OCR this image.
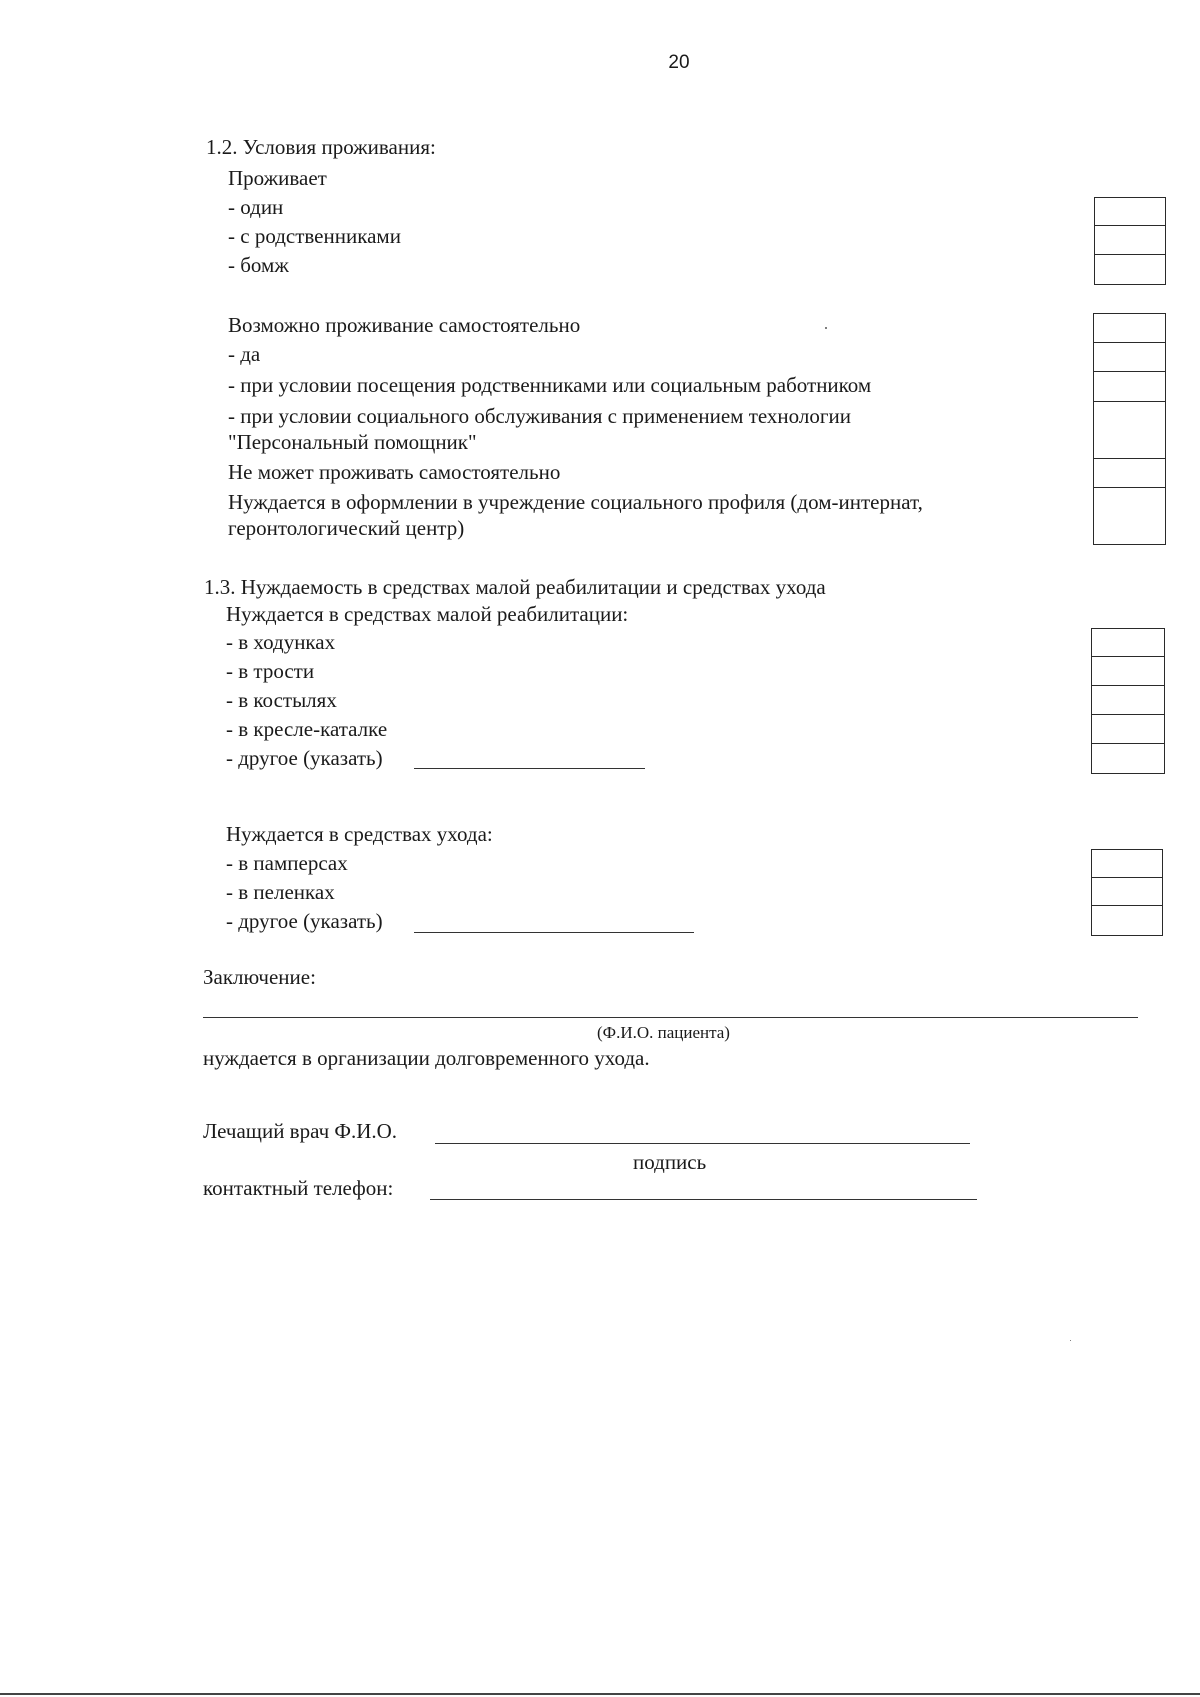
20
1.2. Условия проживания:
Проживает
- один
- с родственниками
- бомж
Возможно проживание самостоятельно
- да
- при условии посещения родственниками или социальным работником
- при условии социального обслуживания с применением технологии
"Персональный помощник"
Не может проживать самостоятельно
Нуждается в оформлении в учреждение социального профиля (дом-интернат,
геронтологический центр)
1.3. Нуждаемость в средствах малой реабилитации и средствах ухода
Нуждается в средствах малой реабилитации:
- в ходунках
- в трости
- в костылях
- в кресле-каталке
- другое (указать)
Нуждается в средствах ухода:
- в памперсах
- в пеленках
- другое (указать)
Заключение:
(Ф.И.О. пациента)
нуждается в организации долговременного ухода.
Лечащий врач Ф.И.О.
подпись
контактный телефон:
